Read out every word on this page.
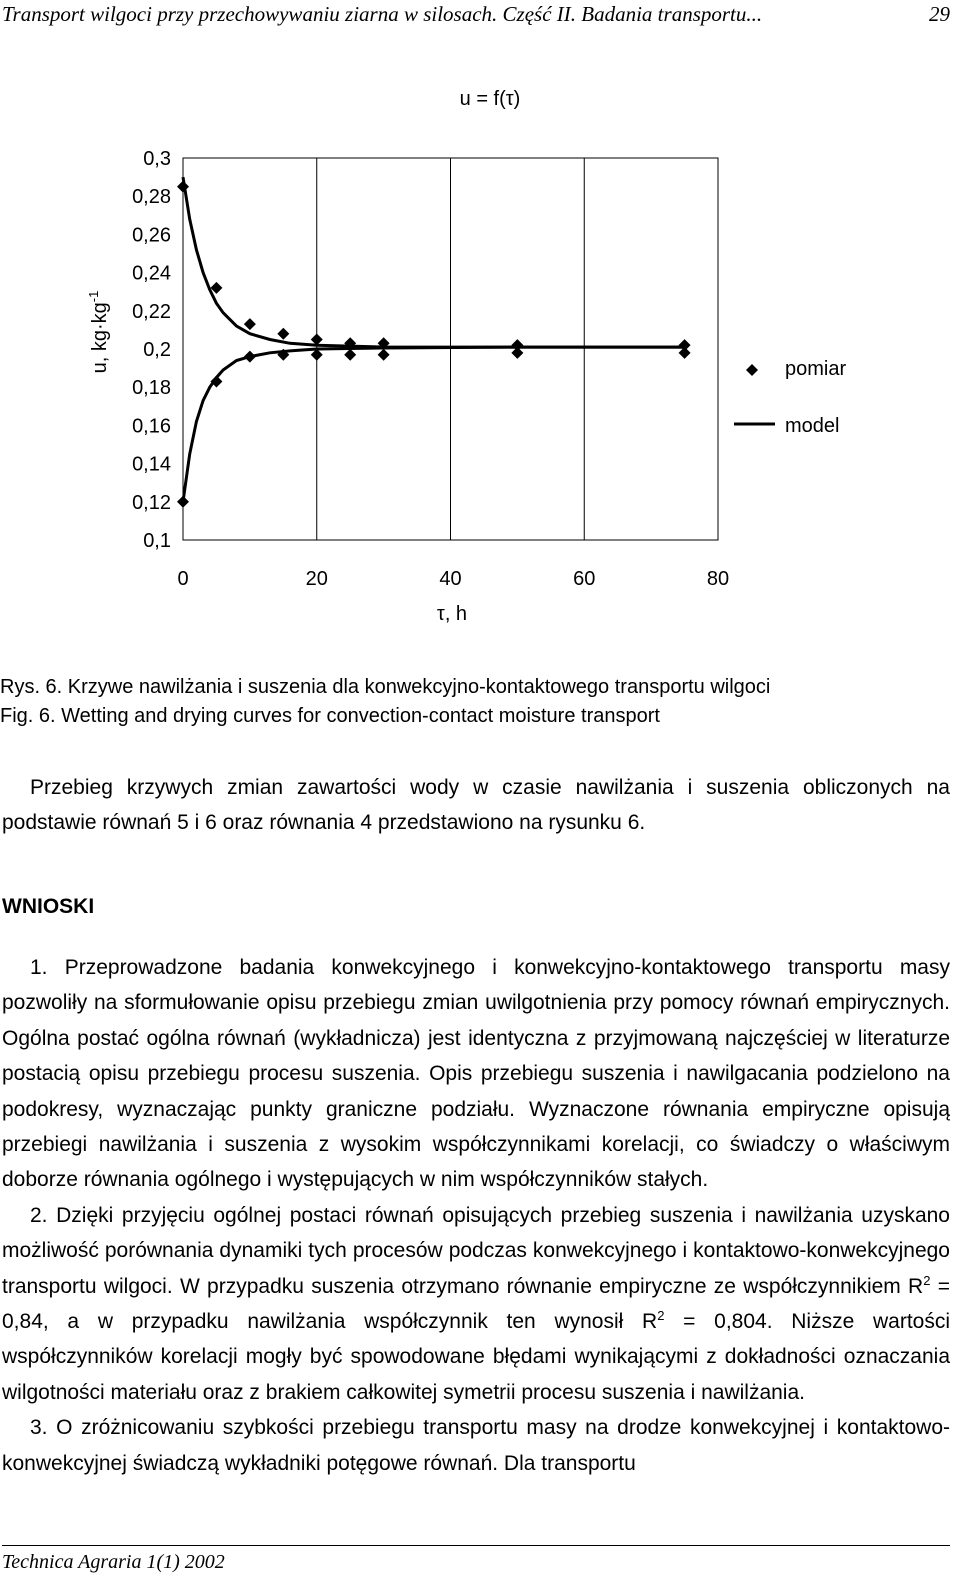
Transport wilgoci przy przechowywaniu ziarna w silosach. Część II. Badania transportu...	29
0,1
0,12
0,14
0,16
0,18
0,2
0,22
0,24
0,26
0,28
0,3
0	20	40	60	80
u = f(τ)
τ, h
u, $kg\cdot kg^{-1}$
pomiar
model
Rys. 6. Krzywe nawilżania i suszenia dla konwekcyjno-kontaktowego transportu wilgoci
Fig. 6. Wetting and drying curves for convection-contact moisture transport

Przebieg krzywych zmian zawartości wody w czasie nawilżania i suszenia obliczonych na podstawie równań 5 i 6 oraz równania 4 przedstawiono na rysunku 6.

WNIOSKI

1. Przeprowadzone badania konwekcyjnego i konwekcyjno-kontaktowego transportu masy pozwoliły na sformułowanie opisu przebiegu zmian uwilgotnienia przy pomocy równań empirycznych. Ogólna postać ogólna równań (wykładnicza) jest identyczna z przyjmowaną najczęściej w literaturze postacią opisu przebiegu procesu suszenia. Opis przebiegu suszenia i nawilgacania podzielono na podokresy, wyznaczając punkty graniczne podziału. Wyznaczone równania empiryczne opisują przebiegi nawilżania i suszenia z wysokim współczynnikami korelacji, co świadczy o właściwym doborze równania ogólnego i występujących w nim współczynników stałych.

2. Dzięki przyjęciu ogólnej postaci równań opisujących przebieg suszenia i nawilżania uzyskano możliwość porównania dynamiki tych procesów podczas konwekcyjnego i kontaktowo-konwekcyjnego transportu wilgoci. W przypadku suszenia otrzymano równanie empiryczne ze współczynnikiem $R^2 = 0,84$, a w przypadku nawilżania współczynnik ten wynosił $R^2 = 0,804$. Niższe wartości współczynników korelacji mogły być spowodowane błędami wynikającymi z dokładności oznaczania wilgotności materiału oraz z brakiem całkowitej symetrii procesu suszenia i nawilżania.

3. O zróżnicowaniu szybkości przebiegu transportu masy na drodze konwekcyjnej i kontaktowo-konwekcyjnej świadczą wykładniki potęgowe równań. Dla transportu

Technica Agraria 1(1) 2002
